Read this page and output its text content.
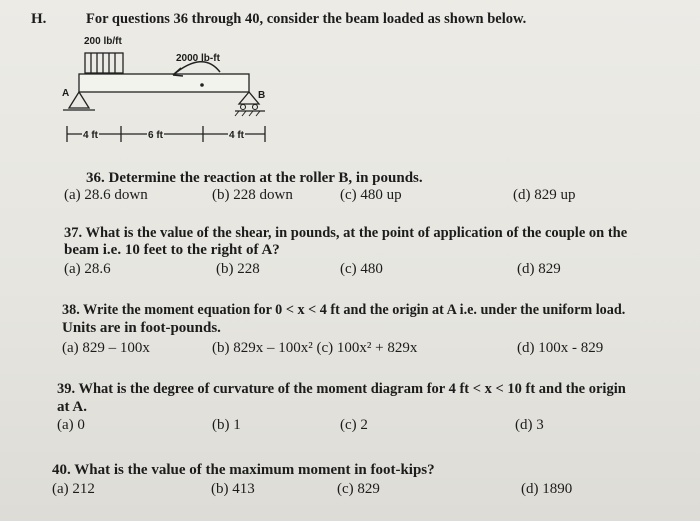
H.	For questions 36 through 40, consider the beam loaded as shown below.
200 lb/ft
2000 lb-ft
A	B
4 ft	6 ft	4 ft
36. Determine the reaction at the roller B, in pounds.
(a) 28.6 down	(b) 228 down	(c) 480 up	(d) 829 up
37. What is the value of the shear, in pounds, at the point of application of the couple on the
beam i.e. 10 feet to the right of A?
(a) 28.6	(b) 228	(c) 480	(d) 829
38. Write the moment equation for 0 < x < 4 ft and the origin at A i.e. under the uniform load.
Units are in foot-pounds.
(a) 829 – 100x	(b) 829x – 100x² (c) 100x² + 829x	(d) 100x - 829
39. What is the degree of curvature of the moment diagram for 4 ft < x < 10 ft and the origin
at A.
(a) 0	(b) 1	(c) 2	(d) 3
40. What is the value of the maximum moment in foot-kips?
(a) 212	(b) 413	(c) 829	(d) 1890
